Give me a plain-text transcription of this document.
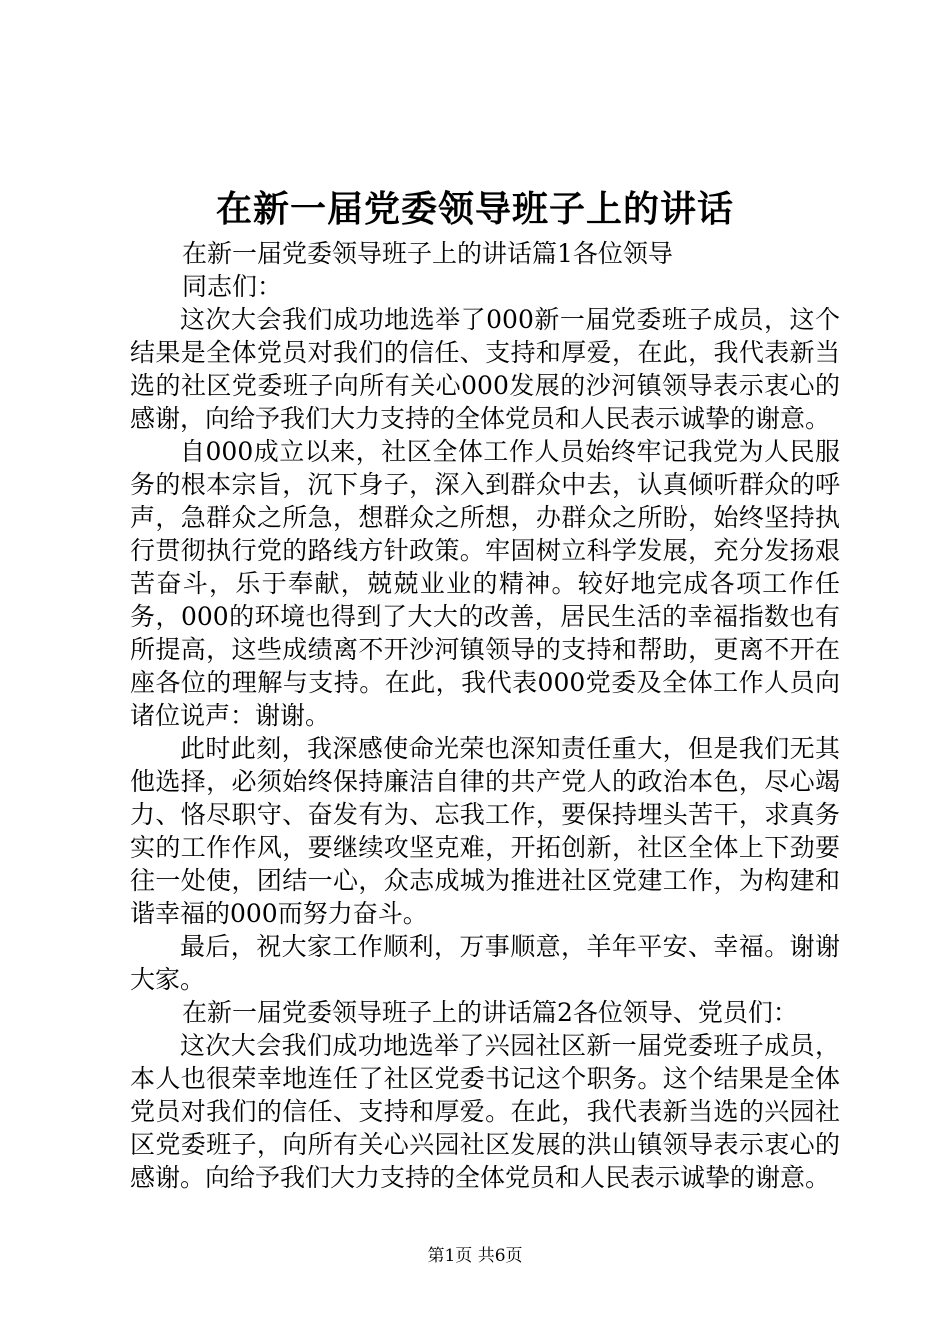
在新一届党委领导班子上的讲话
在新一届党委领导班子上的讲话篇1各位领导
同志们：

这次大会我们成功地选举了000新一届党委班子成员，这个结果是全体党员对我们的信任、支持和厚爱，在此，我代表新当选的社区党委班子向所有关心000发展的沙河镇领导表示衷心的感谢，向给予我们大力支持的全体党员和人民表示诚挚的谢意。

自000成立以来，社区全体工作人员始终牢记我党为人民服务的根本宗旨，沉下身子，深入到群众中去，认真倾听群众的呼声，急群众之所急，想群众之所想，办群众之所盼，始终坚持执行贯彻执行党的路线方针政策。牢固树立科学发展，充分发扬艰苦奋斗，乐于奉献，兢兢业业的精神。较好地完成各项工作任务，000的环境也得到了大大的改善，居民生活的幸福指数也有所提高，这些成绩离不开沙河镇领导的支持和帮助，更离不开在座各位的理解与支持。在此，我代表000党委及全体工作人员向诸位说声：谢谢。

此时此刻，我深感使命光荣也深知责任重大，但是我们无其他选择，必须始终保持廉洁自律的共产党人的政治本色，尽心竭力、恪尽职守、奋发有为、忘我工作，要保持埋头苦干，求真务实的工作作风，要继续攻坚克难，开拓创新，社区全体上下劲要往一处使，团结一心，众志成城为推进社区党建工作，为构建和谐幸福的000而努力奋斗。

最后，祝大家工作顺利，万事顺意，羊年平安、幸福。谢谢大家。

在新一届党委领导班子上的讲话篇2各位领导、党员们：

这次大会我们成功地选举了兴园社区新一届党委班子成员，本人也很荣幸地连任了社区党委书记这个职务。这个结果是全体党员对我们的信任、支持和厚爱。在此，我代表新当选的兴园社区党委班子，向所有关心兴园社区发展的洪山镇领导表示衷心的感谢。向给予我们大力支持的全体党员和人民表示诚挚的谢意。

第1页 共6页
